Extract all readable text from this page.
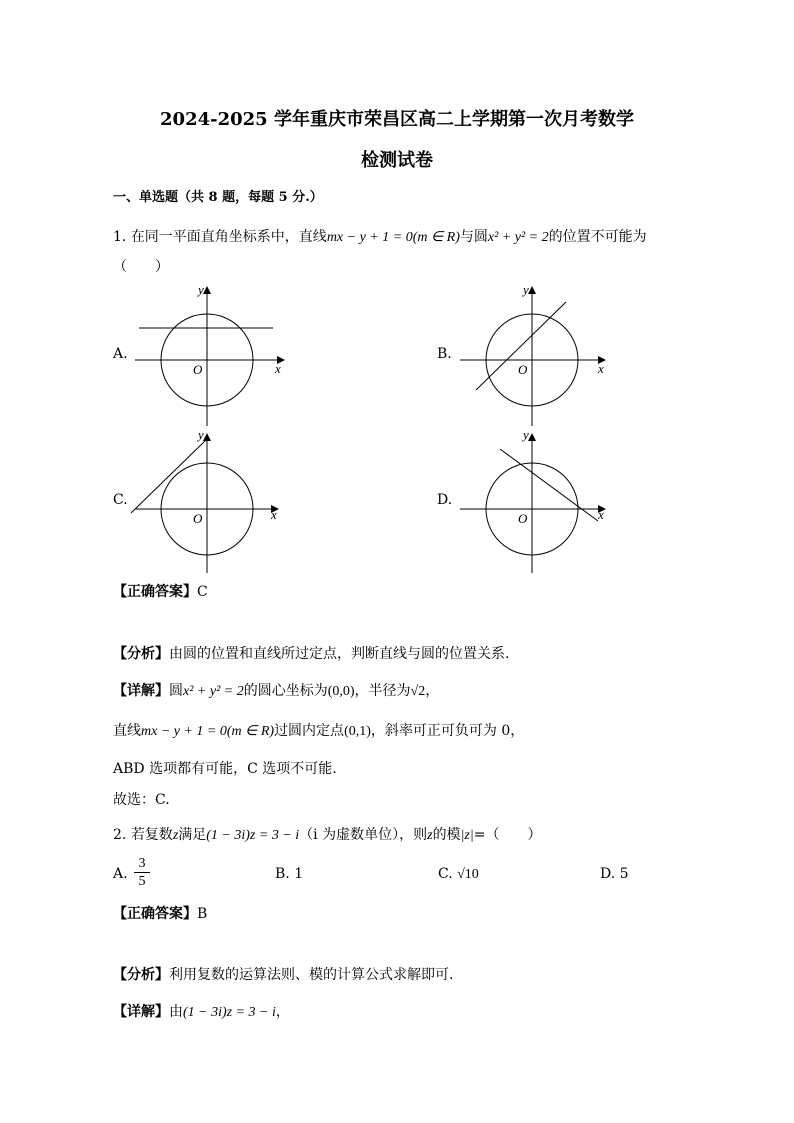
2024-2025 学年重庆市荣昌区高二上学期第一次月考数学
检测试卷
一、单选题（共 8 题，每题 5 分.）
1. 在同一平面直角坐标系中，直线mx − y + 1 = 0(m ∈ R)与圆x² + y² = 2的位置不可能为
（　　）
A.
x
y
O
B.
x
y
O
C.
x
y
O
D.
x
y
O
【正确答案】C
【分析】由圆的位置和直线所过定点，判断直线与圆的位置关系.
【详解】圆x² + y² = 2的圆心坐标为(0,0)，半径为√2，
直线mx − y + 1 = 0(m ∈ R)过圆内定点(0,1)，斜率可正可负可为 0，
ABD 选项都有可能，C 选项不可能.
故选：C.
2. 若复数z满足(1 − 3i)z = 3 − i（i 为虚数单位），则z的模|z|=（　　）
A. $\frac{3}{5}$	B. 1	C. √10	D. 5
【正确答案】B
【分析】利用复数的运算法则、模的计算公式求解即可.
【详解】由(1 − 3i)z = 3 − i，
